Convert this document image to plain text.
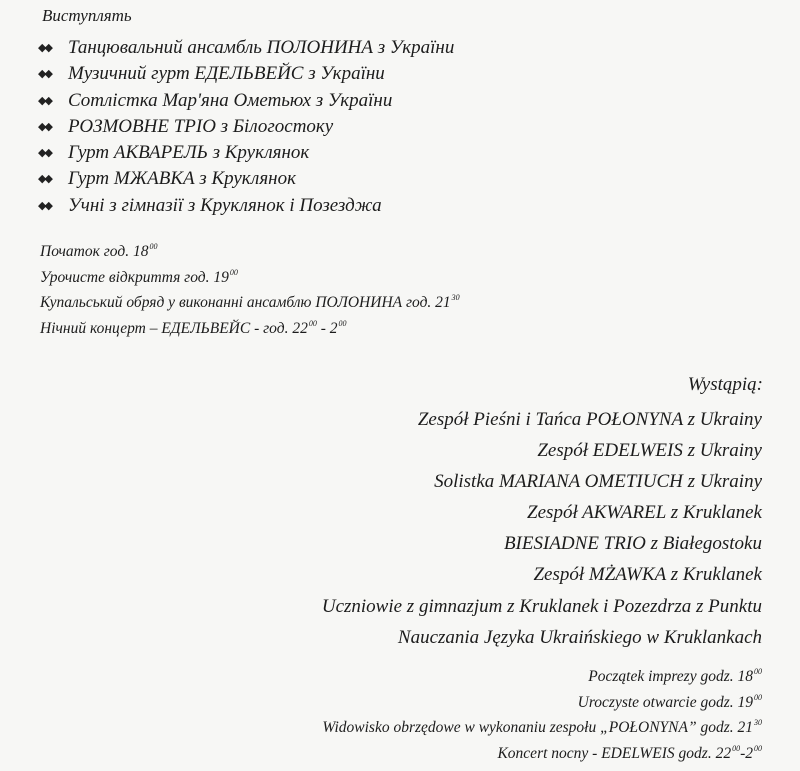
Виступлять
◆◆ Танцювальний ансамбль ПОЛОНИНА з України
◆◆ Музичний гурт ЕДЕЛЬВЕЙС з України
◆◆ Сотлістка Мар'яна Ометьюх з України
◆◆ РОЗМОВНЕ ТРІО з Білогостоку
◆◆ Гурт АКВАРЕЛЬ з Круклянок
◆◆ Гурт МЖАВКА з Круклянок
◆◆ Учні з гімназії з Круклянок і Позезджа
Початок год. $18^{00}$
Урочисте відкриття год. $19^{00}$
Купальський обряд у виконанні ансамблю ПОЛОНИНА год. $21^{30}$
Нічний концерт – ЕДЕЛЬВЕЙС - год. $22^{00} - 2^{00}$
Wystąpią:
Zespół Pieśni i Tańca POŁONYNA z Ukrainy
Zespół EDELWEIS z Ukrainy
Solistka MARIANA OMETIUCH z Ukrainy
Zespół AKWAREL z Kruklanek
BIESIADNE TRIO z Białegostoku
Zespół MŻAWKA z Kruklanek
Uczniowie z gimnazjum z Kruklanek i Pozezdrza z Punktu
Nauczania Języka Ukraińskiego w Kruklankach
Początek imprezy godz. $18^{00}$
Uroczyste otwarcie godz. $19^{00}$
Widowisko obrzędowe w wykonaniu zespołu „POŁONYNA” godz. $21^{30}$
Koncert nocny - EDELWEIS godz. $22^{00}-2^{00}$
